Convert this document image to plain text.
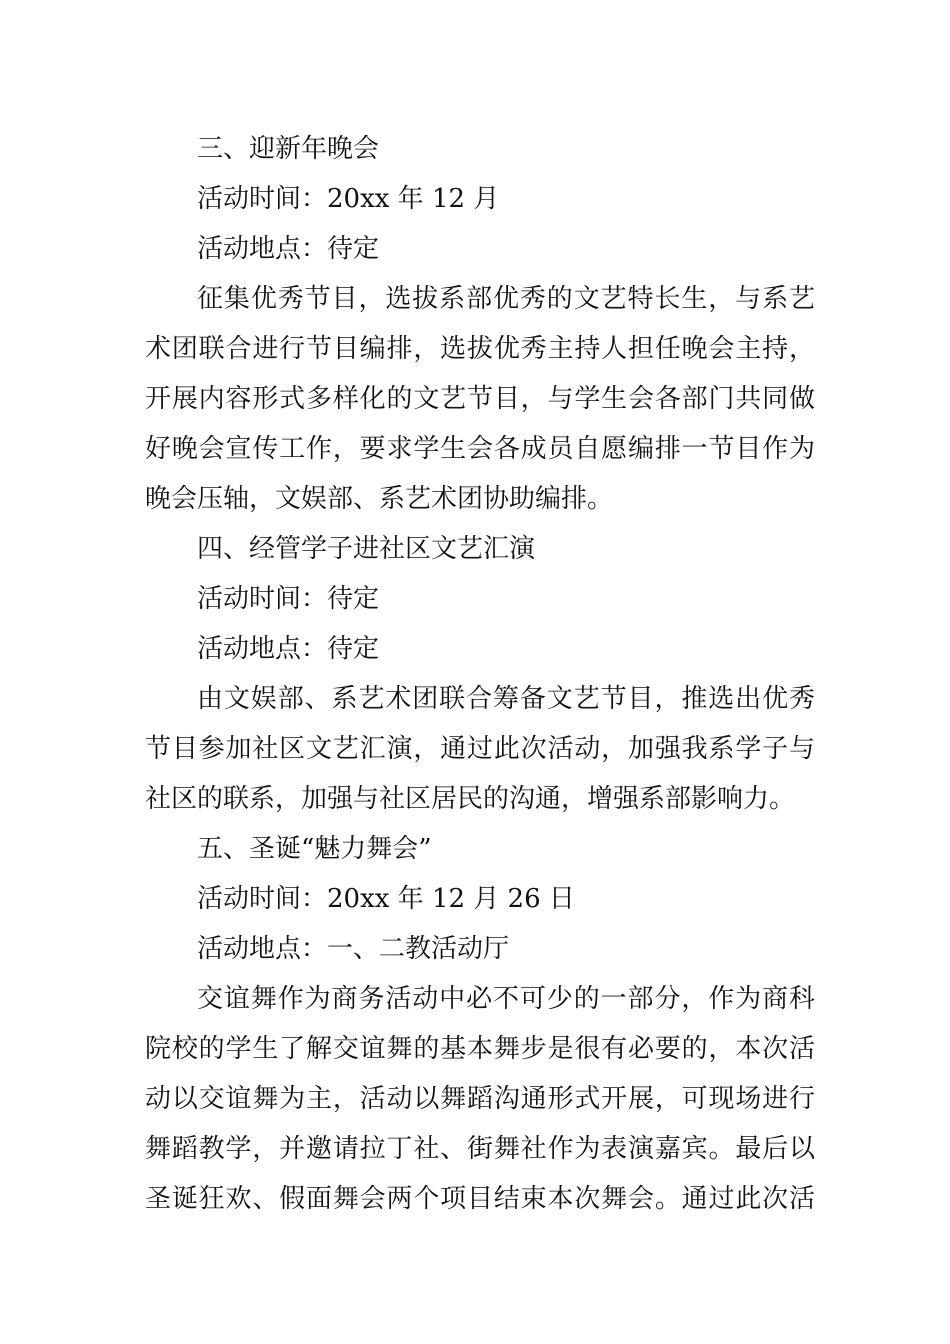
三、迎新年晚会
活动时间：20xx 年 12 月
活动地点：待定
征集优秀节目，选拔系部优秀的文艺特长生，与系艺
术团联合进行节目编排，选拔优秀主持人担任晚会主持，
开展内容形式多样化的文艺节目，与学生会各部门共同做
好晚会宣传工作，要求学生会各成员自愿编排一节目作为
晚会压轴，文娱部、系艺术团协助编排。
四、经管学子进社区文艺汇演
活动时间：待定
活动地点：待定
由文娱部、系艺术团联合筹备文艺节目，推选出优秀
节目参加社区文艺汇演，通过此次活动，加强我系学子与
社区的联系，加强与社区居民的沟通，增强系部影响力。
五、圣诞“魅力舞会”
活动时间：20xx 年 12 月 26 日
活动地点：一、二教活动厅
交谊舞作为商务活动中必不可少的一部分，作为商科
院校的学生了解交谊舞的基本舞步是很有必要的，本次活
动以交谊舞为主，活动以舞蹈沟通形式开展，可现场进行
舞蹈教学，并邀请拉丁社、街舞社作为表演嘉宾。最后以
圣诞狂欢、假面舞会两个项目结束本次舞会。通过此次活
